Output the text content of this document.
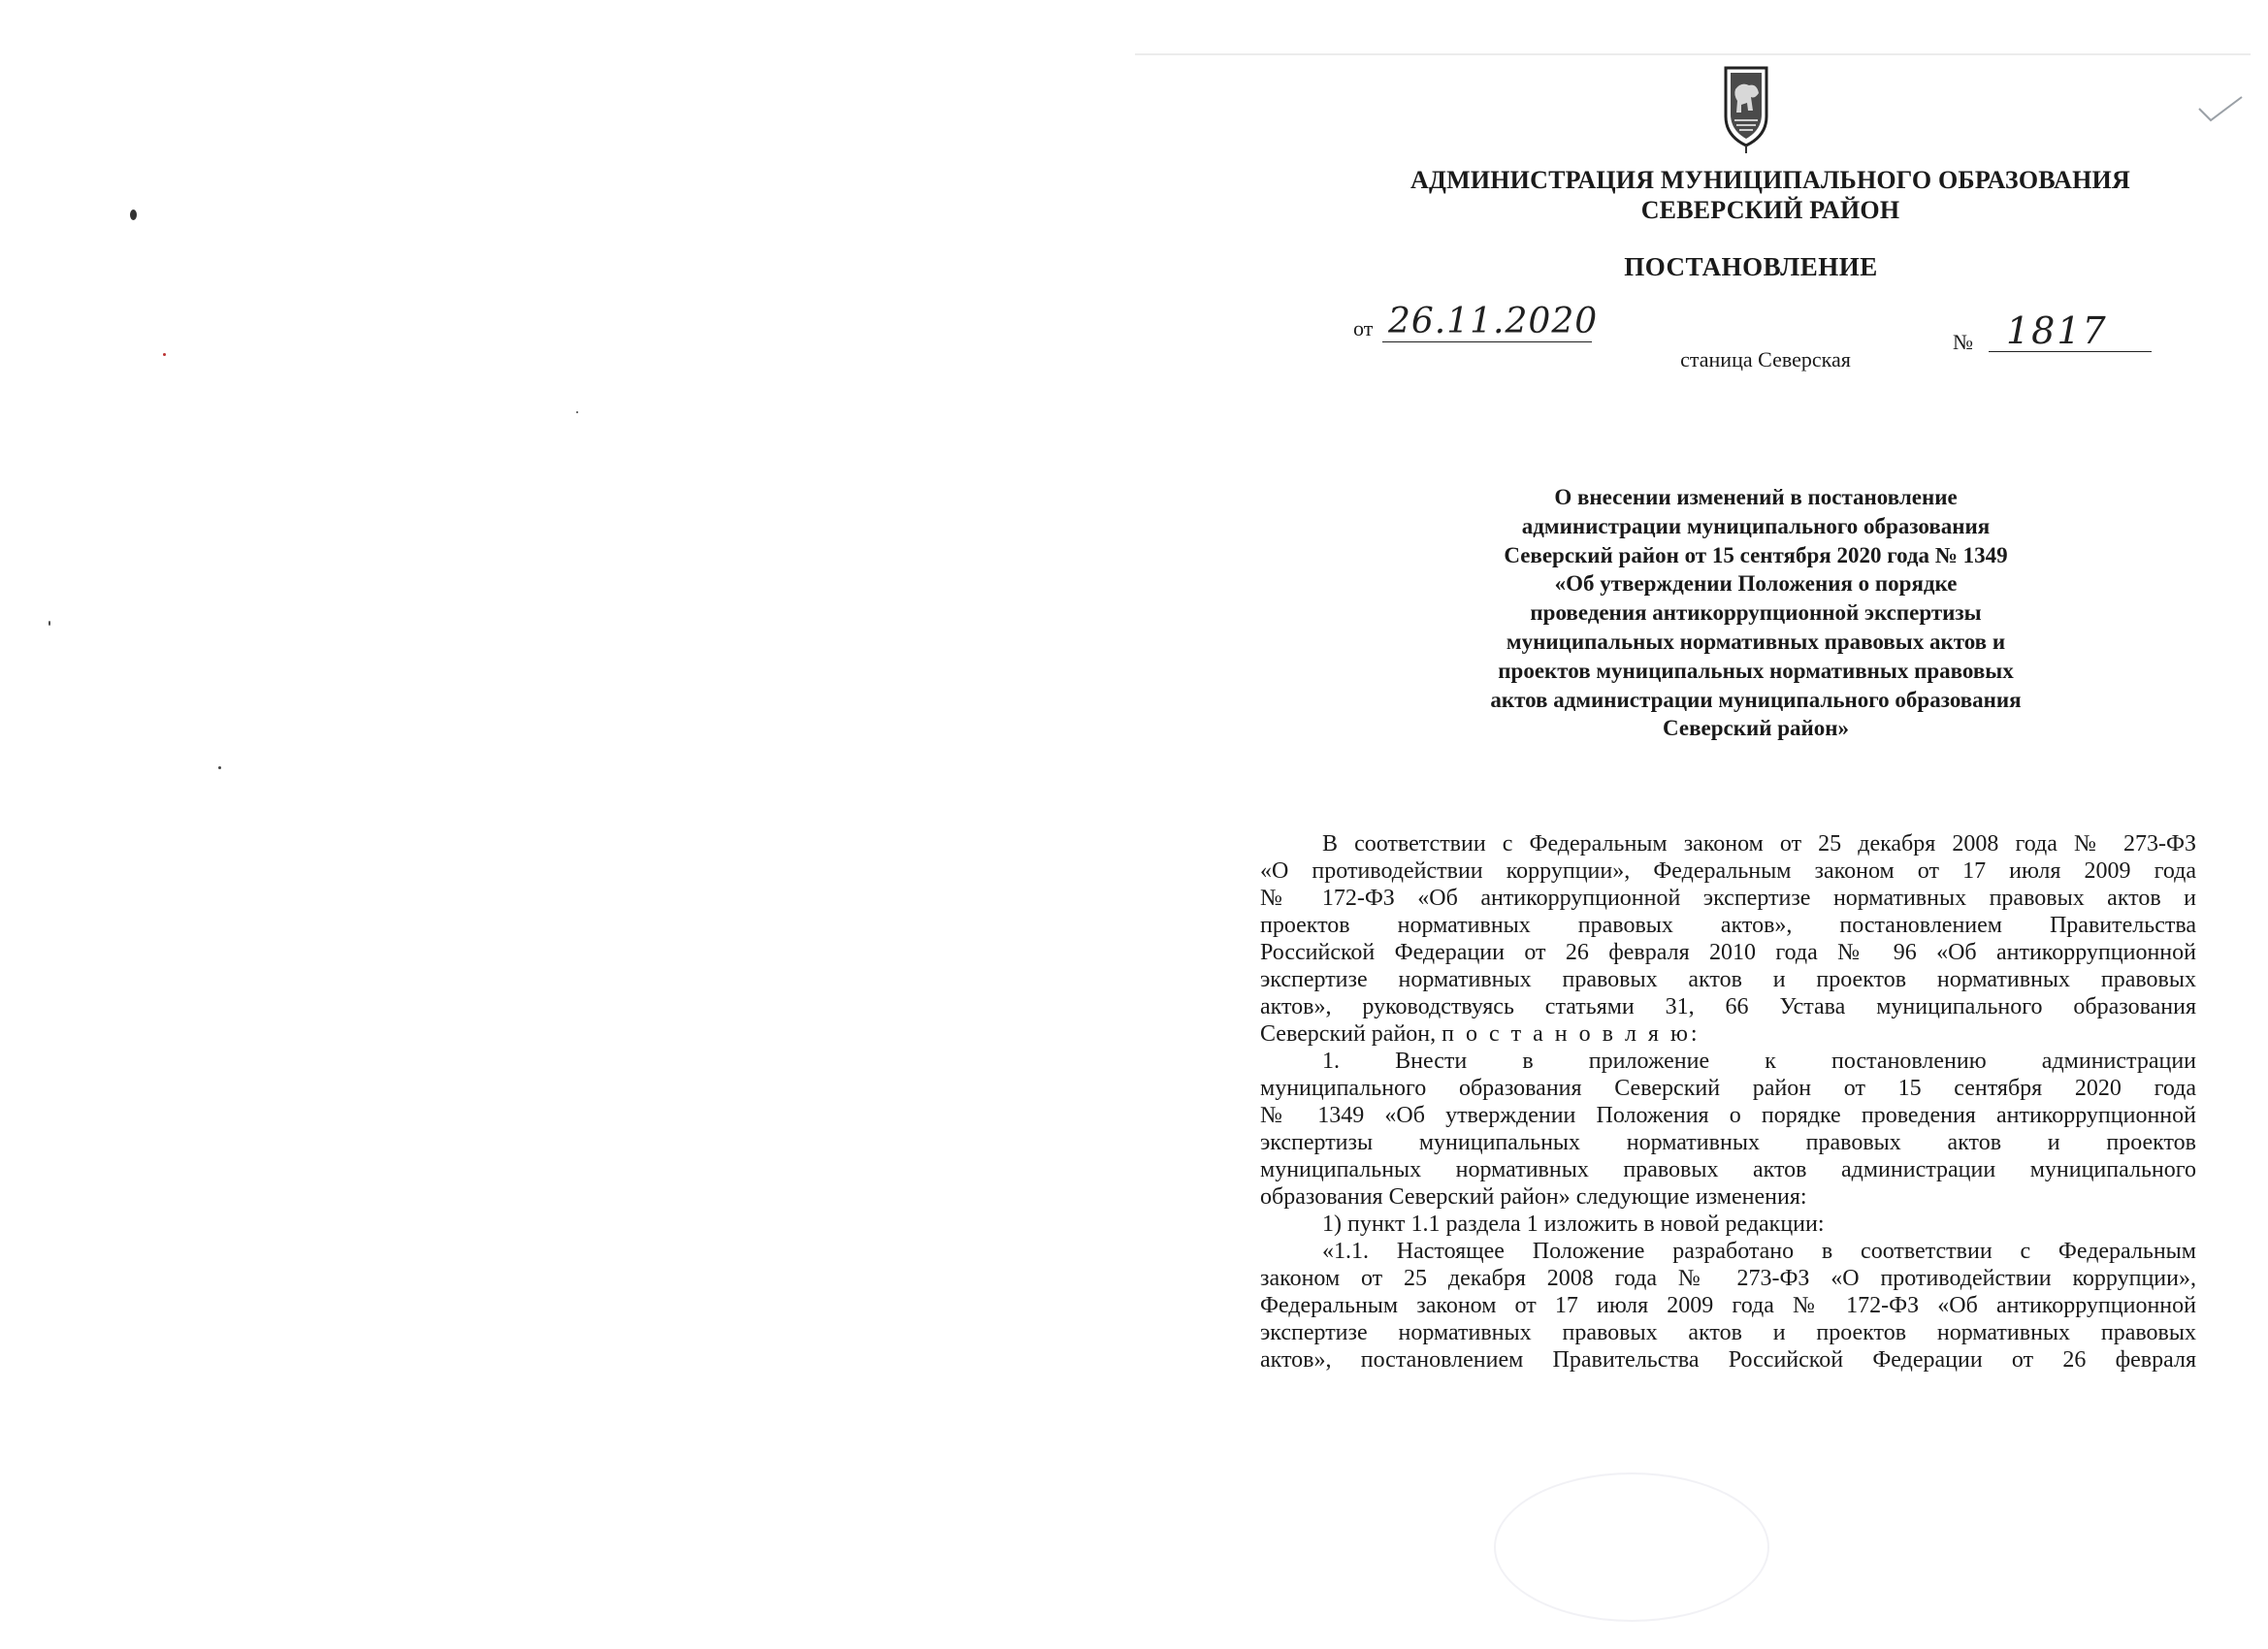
АДМИНИСТРАЦИЯ МУНИЦИПАЛЬНОГО ОБРАЗОВАНИЯ
СЕВЕРСКИЙ РАЙОН
ПОСТАНОВЛЕНИЕ
от 26.11.2020
№ 1817
станица Северская
О внесении изменений в постановление
администрации муниципального образования
Северский район от 15 сентября 2020 года № 1349
«Об утверждении Положения о порядке
проведения антикоррупционной экспертизы
муниципальных нормативных правовых актов и
проектов муниципальных нормативных правовых
актов администрации муниципального образования
Северский район»
В соответствии с Федеральным законом от 25 декабря 2008 года № 273-ФЗ
«О противодействии коррупции», Федеральным законом от 17 июля 2009 года
№ 172-ФЗ «Об антикоррупционной экспертизе нормативных правовых актов и
проектов нормативных правовых актов», постановлением Правительства
Российской Федерации от 26 февраля 2010 года № 96 «Об антикоррупционной
экспертизе нормативных правовых актов и проектов нормативных правовых
актов», руководствуясь статьями 31, 66 Устава муниципального образования
Северский район, п о с т а н о в л я ю:
1. Внести в приложение к постановлению администрации
муниципального образования Северский район от 15 сентября 2020 года
№ 1349 «Об утверждении Положения о порядке проведения антикоррупционной
экспертизы муниципальных нормативных правовых актов и проектов
муниципальных нормативных правовых актов администрации муниципального
образования Северский район» следующие изменения:
1) пункт 1.1 раздела 1 изложить в новой редакции:
«1.1. Настоящее Положение разработано в соответствии с Федеральным
законом от 25 декабря 2008 года № 273-ФЗ «О противодействии коррупции»,
Федеральным законом от 17 июля 2009 года № 172-ФЗ «Об антикоррупционной
экспертизе нормативных правовых актов и проектов нормативных правовых
актов», постановлением Правительства Российской Федерации от 26 февраля
